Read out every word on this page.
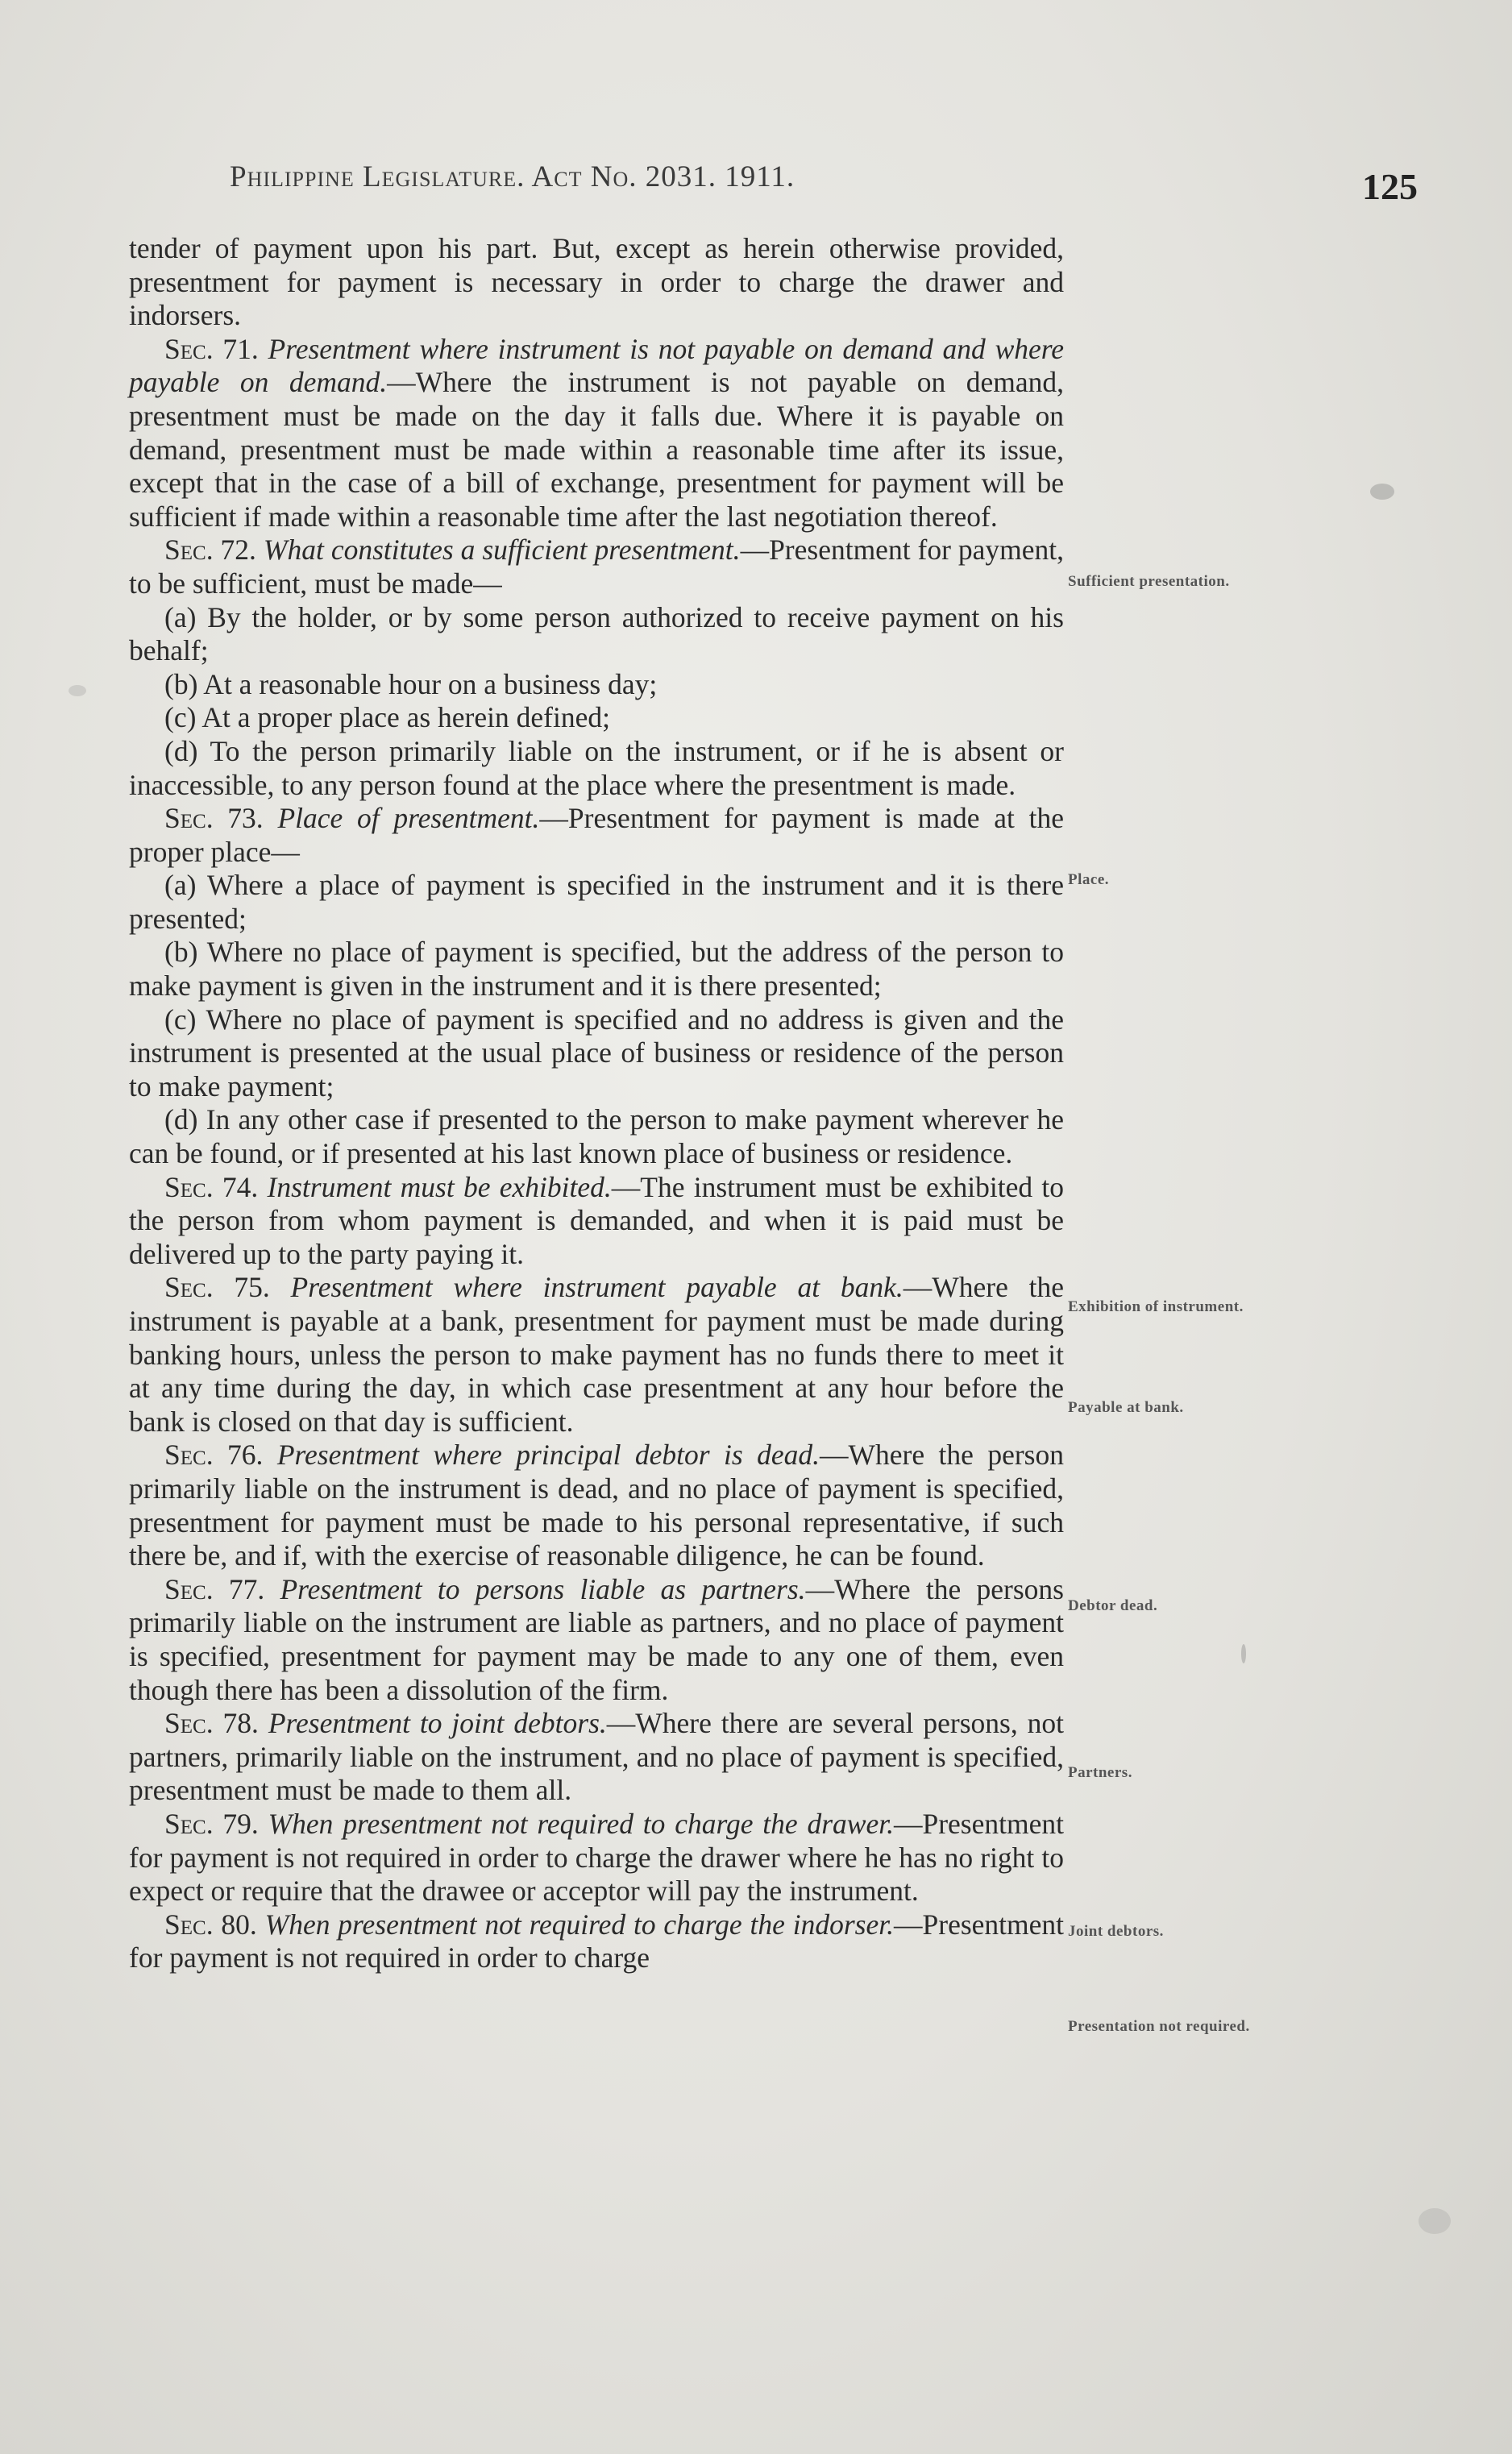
Philippine Legislature. Act No. 2031. 1911.	125

tender of payment upon his part. But, except as herein otherwise provided, presentment for payment is necessary in order to charge the drawer and indorsers.

Sec. 71. Presentment where instrument is not payable on demand and where payable on demand.—Where the instrument is not payable on demand, presentment must be made on the day it falls due. Where it is payable on demand, presentment must be made within a reasonable time after its issue, except that in the case of a bill of exchange, presentment for payment will be sufficient if made within a reasonable time after the last negotiation thereof.

Sec. 72. What constitutes a sufficient presentment.—Presentment for payment, to be sufficient, must be made—

(a) By the holder, or by some person authorized to receive payment on his behalf;

(b) At a reasonable hour on a business day;

(c) At a proper place as herein defined;

(d) To the person primarily liable on the instrument, or if he is absent or inaccessible, to any person found at the place where the presentment is made.

Sec. 73. Place of presentment.—Presentment for payment is made at the proper place—

(a) Where a place of payment is specified in the instrument and it is there presented;

(b) Where no place of payment is specified, but the address of the person to make payment is given in the instrument and it is there presented;

(c) Where no place of payment is specified and no address is given and the instrument is presented at the usual place of business or residence of the person to make payment;

(d) In any other case if presented to the person to make payment wherever he can be found, or if presented at his last known place of business or residence.

Sec. 74. Instrument must be exhibited.—The instrument must be exhibited to the person from whom payment is demanded, and when it is paid must be delivered up to the party paying it.

Sec. 75. Presentment where instrument payable at bank.—Where the instrument is payable at a bank, presentment for payment must be made during banking hours, unless the person to make payment has no funds there to meet it at any time during the day, in which case presentment at any hour before the bank is closed on that day is sufficient.

Sec. 76. Presentment where principal debtor is dead.—Where the person primarily liable on the instrument is dead, and no place of payment is specified, presentment for payment must be made to his personal representative, if such there be, and if, with the exercise of reasonable diligence, he can be found.

Sec. 77. Presentment to persons liable as partners.—Where the persons primarily liable on the instrument are liable as partners, and no place of payment is specified, presentment for payment may be made to any one of them, even though there has been a dissolution of the firm.

Sec. 78. Presentment to joint debtors.—Where there are several persons, not partners, primarily liable on the instrument, and no place of payment is specified, presentment must be made to them all.

Sec. 79. When presentment not required to charge the drawer.—Presentment for payment is not required in order to charge the drawer where he has no right to expect or require that the drawee or acceptor will pay the instrument.

Sec. 80. When presentment not required to charge the indorser.—Presentment for payment is not required in order to charge

Sufficient presentation.
Place.
Exhibition of instrument.
Payable at bank.
Debtor dead.
Partners.
Joint debtors.
Presentation not required.
